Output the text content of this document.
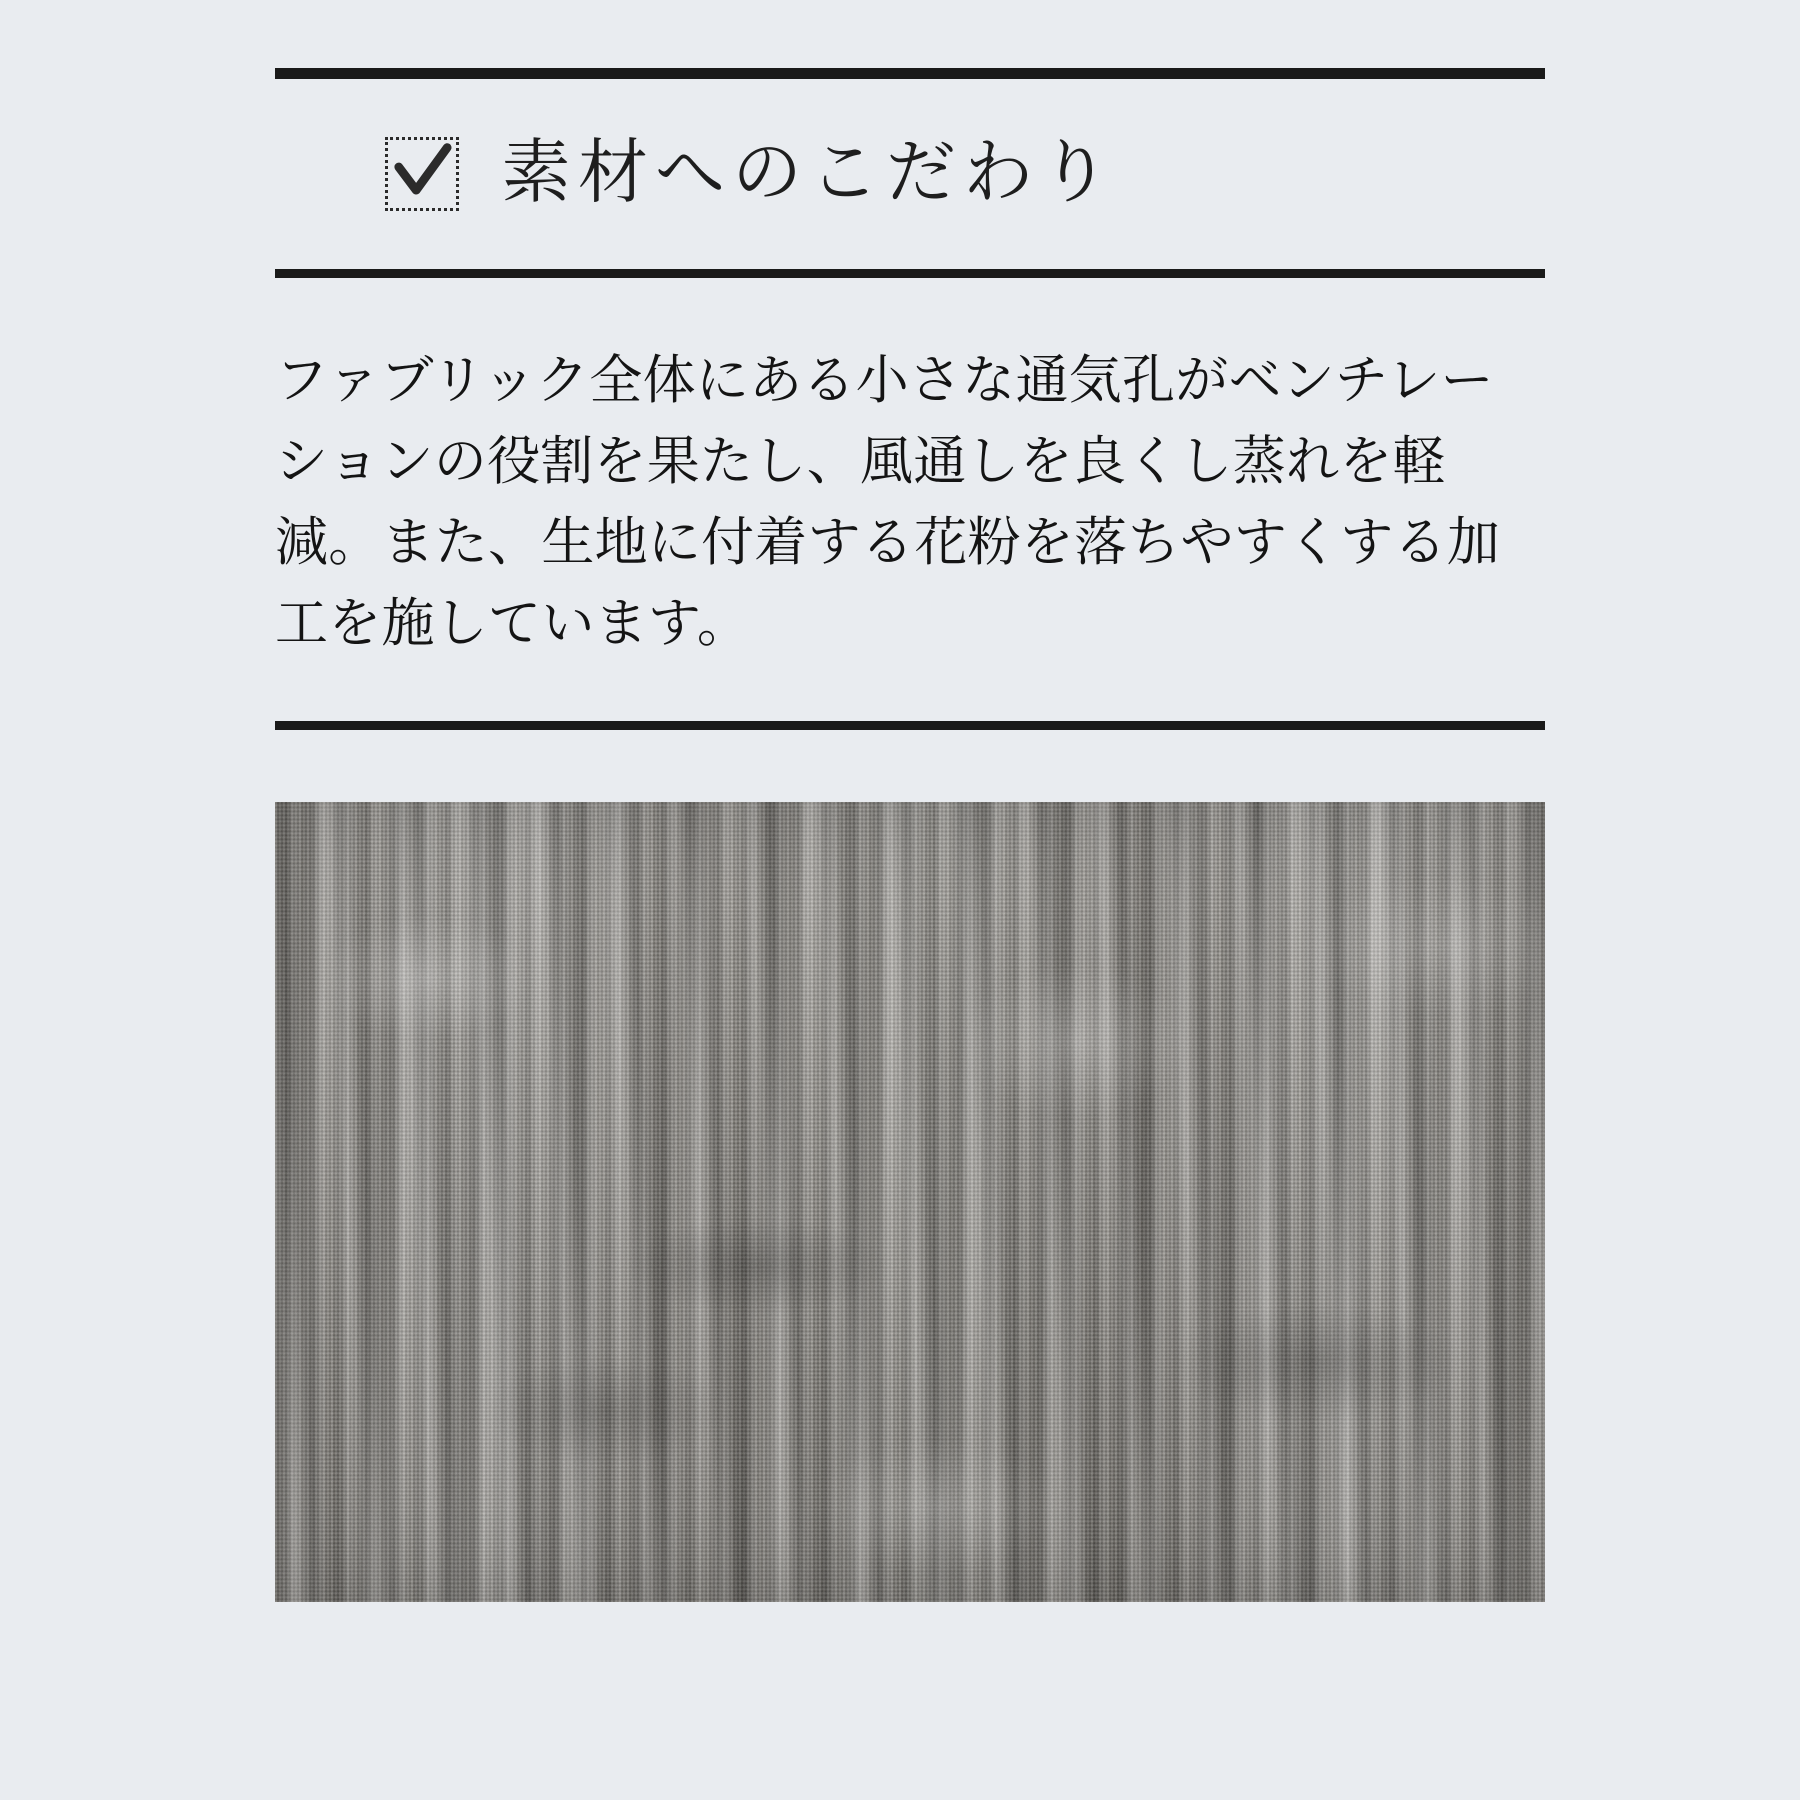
素材へのこだわり

ファブリック全体にある小さな通気孔がベンチレーションの役割を果たし、風通しを良くし蒸れを軽減。また、生地に付着する花粉を落ちやすくする加工を施しています。
